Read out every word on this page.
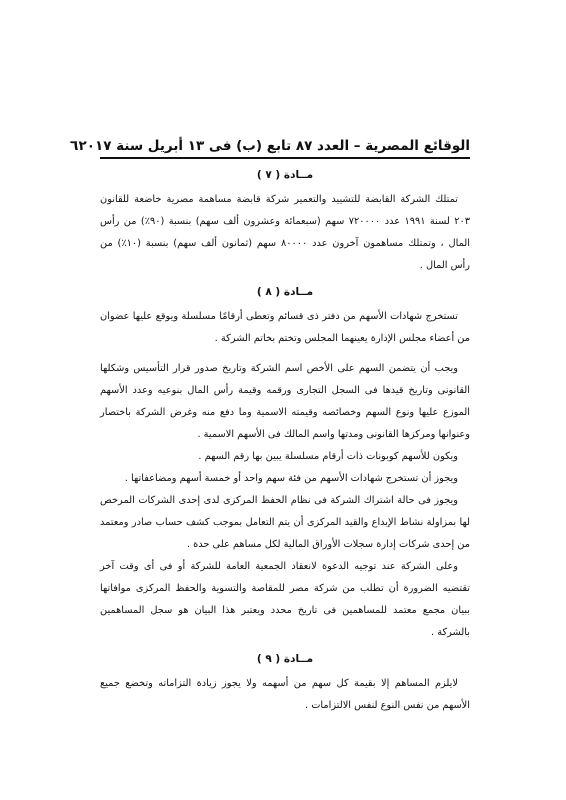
الوقائع المصرية – العدد ٨٧ تابع (ب) فى ١٣ أبريل سنة ٢٠١٧
٦
مــادة ( ٧ )

تمتلك الشركة القابضة للتشييد والتعمير شركة قابضة مساهمة مصرية خاضعة للقانون ٢٠٣ لسنة ١٩٩١ عدد ٧٢٠٠٠٠ سهم (سبعمائة وعشرون ألف سهم) بنسبة (٩٠٪) من رأس المال ، وتمتلك مساهمون آخرون عدد ٨٠٠٠٠ سهم (ثمانون ألف سهم) بنسبة (١٠٪) من رأس المال .

مــادة ( ٨ )

تستخرج شهادات الأسهم من دفتر ذى قسائم وتعطى أرقامًا مسلسلة ويوقع عليها عضوان من أعضاء مجلس الإدارة يعينهما المجلس وتختم بخاتم الشركة .

ويجب أن يتضمن السهم على الأخص اسم الشركة وتاريخ صدور قرار التأسيس وشكلها القانونى وتاريخ قيدها فى السجل التجارى ورقمه وقيمة رأس المال بنوعيه وعدد الأسهم الموزع عليها ونوع السهم وخصائصه وقيمته الاسمية وما دفع منه وغرض الشركة باختصار وعنوانها ومركزها القانونى ومدتها واسم المالك فى الأسهم الاسمية .

ويكون للأسهم كوبونات ذات أرقام مسلسلة يبين بها رقم السهم .

ويجوز أن تستخرج شهادات الأسهم من فئة سهم واحد أو خمسة أسهم ومضاعفاتها .

ويجوز فى حالة اشتراك الشركة فى نظام الحفظ المركزى لدى إحدى الشركات المرخص لها بمزاولة نشاط الإيداع والقيد المركزى أن يتم التعامل بموجب كشف حساب صادر ومعتمد من إحدى شركات إدارة سجلات الأوراق المالية لكل مساهم على حدة .

وعلى الشركة عند توجيه الدعوة لانعقاد الجمعية العامة للشركة أو فى أى وقت آخر تقتضيه الضرورة أن تطلب من شركة مصر للمقاصة والتسوية والحفظ المركزى موافاتها ببيان مجمع معتمد للمساهمين فى تاريخ محدد ويعتبر هذا البيان هو سجل المساهمين بالشركة .

مــادة ( ٩ )

لايلزم المساهم إلا بقيمة كل سهم من أسهمه ولا يجوز زيادة التزاماته وتخضع جميع الأسهم من نفس النوع لنفس الالتزامات .
